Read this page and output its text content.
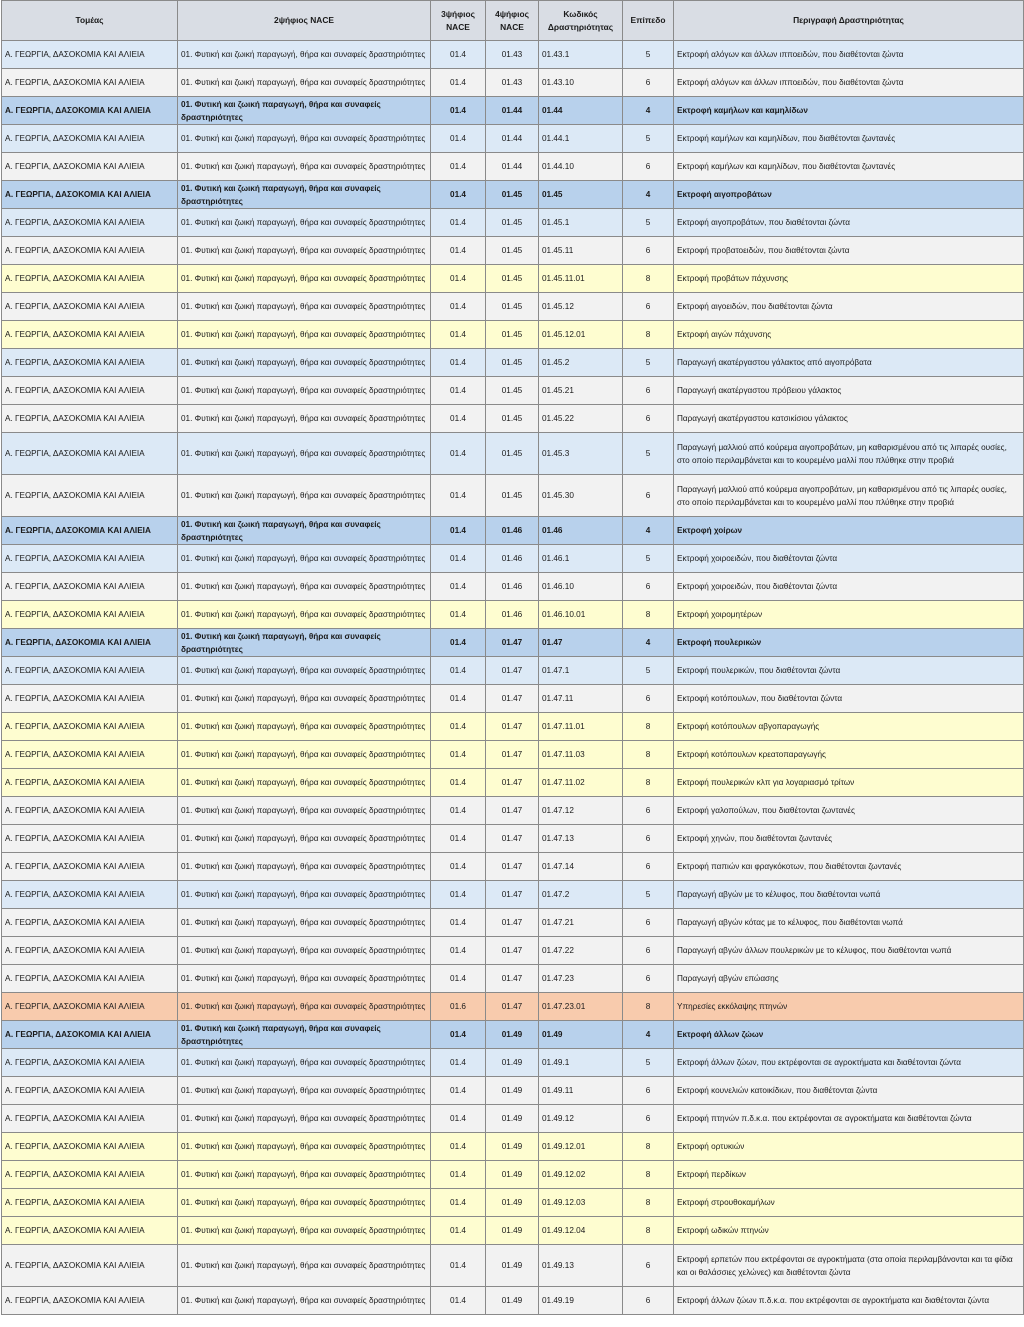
Τομέας	2ψήφιος NACE	3ψήφιος NACE	4ψήφιος NACE	Κωδικός Δραστηριότητας	Επίπεδο	Περιγραφή Δραστηριότητας
Α. ΓΕΩΡΓΙΑ, ΔΑΣΟΚΟΜΙΑ ΚΑΙ ΑΛΙΕΙΑ	01. Φυτική και ζωική παραγωγή, θήρα και συναφείς δραστηριότητες	01.4	01.43	01.43.1	5	Εκτροφή αλόγων και άλλων ιπποειδών, που διαθέτονται ζώντα
Α. ΓΕΩΡΓΙΑ, ΔΑΣΟΚΟΜΙΑ ΚΑΙ ΑΛΙΕΙΑ	01. Φυτική και ζωική παραγωγή, θήρα και συναφείς δραστηριότητες	01.4	01.43	01.43.10	6	Εκτροφή αλόγων και άλλων ιπποειδών, που διαθέτονται ζώντα
Α. ΓΕΩΡΓΙΑ, ΔΑΣΟΚΟΜΙΑ ΚΑΙ ΑΛΙΕΙΑ	01. Φυτική και ζωική παραγωγή, θήρα και συναφείς δραστηριότητες	01.4	01.44	01.44	4	Εκτροφή καμήλων και καμηλίδων
Α. ΓΕΩΡΓΙΑ, ΔΑΣΟΚΟΜΙΑ ΚΑΙ ΑΛΙΕΙΑ	01. Φυτική και ζωική παραγωγή, θήρα και συναφείς δραστηριότητες	01.4	01.44	01.44.1	5	Εκτροφή καμήλων και καμηλίδων, που διαθέτονται ζωντανές
Α. ΓΕΩΡΓΙΑ, ΔΑΣΟΚΟΜΙΑ ΚΑΙ ΑΛΙΕΙΑ	01. Φυτική και ζωική παραγωγή, θήρα και συναφείς δραστηριότητες	01.4	01.44	01.44.10	6	Εκτροφή καμήλων και καμηλίδων, που διαθέτονται ζωντανές
Α. ΓΕΩΡΓΙΑ, ΔΑΣΟΚΟΜΙΑ ΚΑΙ ΑΛΙΕΙΑ	01. Φυτική και ζωική παραγωγή, θήρα και συναφείς δραστηριότητες	01.4	01.45	01.45	4	Εκτροφή αιγοπροβάτων
Α. ΓΕΩΡΓΙΑ, ΔΑΣΟΚΟΜΙΑ ΚΑΙ ΑΛΙΕΙΑ	01. Φυτική και ζωική παραγωγή, θήρα και συναφείς δραστηριότητες	01.4	01.45	01.45.1	5	Εκτροφή αιγοπροβάτων, που διαθέτονται ζώντα
Α. ΓΕΩΡΓΙΑ, ΔΑΣΟΚΟΜΙΑ ΚΑΙ ΑΛΙΕΙΑ	01. Φυτική και ζωική παραγωγή, θήρα και συναφείς δραστηριότητες	01.4	01.45	01.45.11	6	Εκτροφή προβατοειδών, που διαθέτονται ζώντα
Α. ΓΕΩΡΓΙΑ, ΔΑΣΟΚΟΜΙΑ ΚΑΙ ΑΛΙΕΙΑ	01. Φυτική και ζωική παραγωγή, θήρα και συναφείς δραστηριότητες	01.4	01.45	01.45.11.01	8	Εκτροφή προβάτων πάχυνσης
Α. ΓΕΩΡΓΙΑ, ΔΑΣΟΚΟΜΙΑ ΚΑΙ ΑΛΙΕΙΑ	01. Φυτική και ζωική παραγωγή, θήρα και συναφείς δραστηριότητες	01.4	01.45	01.45.12	6	Εκτροφή αιγοειδών, που διαθέτονται ζώντα
Α. ΓΕΩΡΓΙΑ, ΔΑΣΟΚΟΜΙΑ ΚΑΙ ΑΛΙΕΙΑ	01. Φυτική και ζωική παραγωγή, θήρα και συναφείς δραστηριότητες	01.4	01.45	01.45.12.01	8	Εκτροφή αιγών πάχυνσης
Α. ΓΕΩΡΓΙΑ, ΔΑΣΟΚΟΜΙΑ ΚΑΙ ΑΛΙΕΙΑ	01. Φυτική και ζωική παραγωγή, θήρα και συναφείς δραστηριότητες	01.4	01.45	01.45.2	5	Παραγωγή ακατέργαστου γάλακτος από αιγοπρόβατα
Α. ΓΕΩΡΓΙΑ, ΔΑΣΟΚΟΜΙΑ ΚΑΙ ΑΛΙΕΙΑ	01. Φυτική και ζωική παραγωγή, θήρα και συναφείς δραστηριότητες	01.4	01.45	01.45.21	6	Παραγωγή ακατέργαστου πρόβειου γάλακτος
Α. ΓΕΩΡΓΙΑ, ΔΑΣΟΚΟΜΙΑ ΚΑΙ ΑΛΙΕΙΑ	01. Φυτική και ζωική παραγωγή, θήρα και συναφείς δραστηριότητες	01.4	01.45	01.45.22	6	Παραγωγή ακατέργαστου κατσικίσιου γάλακτος
Α. ΓΕΩΡΓΙΑ, ΔΑΣΟΚΟΜΙΑ ΚΑΙ ΑΛΙΕΙΑ	01. Φυτική και ζωική παραγωγή, θήρα και συναφείς δραστηριότητες	01.4	01.45	01.45.3	5	Παραγωγή μαλλιού από κούρεμα αιγοπροβάτων, μη καθαρισμένου από τις λιπαρές ουσίες, στο οποίο περιλαμβάνεται και το κουρεμένο μαλλί που πλύθηκε στην προβιά
Α. ΓΕΩΡΓΙΑ, ΔΑΣΟΚΟΜΙΑ ΚΑΙ ΑΛΙΕΙΑ	01. Φυτική και ζωική παραγωγή, θήρα και συναφείς δραστηριότητες	01.4	01.45	01.45.30	6	Παραγωγή μαλλιού από κούρεμα αιγοπροβάτων, μη καθαρισμένου από τις λιπαρές ουσίες, στο οποίο περιλαμβάνεται και το κουρεμένο μαλλί που πλύθηκε στην προβιά
Α. ΓΕΩΡΓΙΑ, ΔΑΣΟΚΟΜΙΑ ΚΑΙ ΑΛΙΕΙΑ	01. Φυτική και ζωική παραγωγή, θήρα και συναφείς δραστηριότητες	01.4	01.46	01.46	4	Εκτροφή χοίρων
Α. ΓΕΩΡΓΙΑ, ΔΑΣΟΚΟΜΙΑ ΚΑΙ ΑΛΙΕΙΑ	01. Φυτική και ζωική παραγωγή, θήρα και συναφείς δραστηριότητες	01.4	01.46	01.46.1	5	Εκτροφή χοιροειδών, που διαθέτονται ζώντα
Α. ΓΕΩΡΓΙΑ, ΔΑΣΟΚΟΜΙΑ ΚΑΙ ΑΛΙΕΙΑ	01. Φυτική και ζωική παραγωγή, θήρα και συναφείς δραστηριότητες	01.4	01.46	01.46.10	6	Εκτροφή χοιροειδών, που διαθέτονται ζώντα
Α. ΓΕΩΡΓΙΑ, ΔΑΣΟΚΟΜΙΑ ΚΑΙ ΑΛΙΕΙΑ	01. Φυτική και ζωική παραγωγή, θήρα και συναφείς δραστηριότητες	01.4	01.46	01.46.10.01	8	Εκτροφή χοιρομητέρων
Α. ΓΕΩΡΓΙΑ, ΔΑΣΟΚΟΜΙΑ ΚΑΙ ΑΛΙΕΙΑ	01. Φυτική και ζωική παραγωγή, θήρα και συναφείς δραστηριότητες	01.4	01.47	01.47	4	Εκτροφή πουλερικών
Α. ΓΕΩΡΓΙΑ, ΔΑΣΟΚΟΜΙΑ ΚΑΙ ΑΛΙΕΙΑ	01. Φυτική και ζωική παραγωγή, θήρα και συναφείς δραστηριότητες	01.4	01.47	01.47.1	5	Εκτροφή πουλερικών, που διαθέτονται ζώντα
Α. ΓΕΩΡΓΙΑ, ΔΑΣΟΚΟΜΙΑ ΚΑΙ ΑΛΙΕΙΑ	01. Φυτική και ζωική παραγωγή, θήρα και συναφείς δραστηριότητες	01.4	01.47	01.47.11	6	Εκτροφή κοτόπουλων, που διαθέτονται ζώντα
Α. ΓΕΩΡΓΙΑ, ΔΑΣΟΚΟΜΙΑ ΚΑΙ ΑΛΙΕΙΑ	01. Φυτική και ζωική παραγωγή, θήρα και συναφείς δραστηριότητες	01.4	01.47	01.47.11.01	8	Εκτροφή κοτόπουλων αβγοπαραγωγής
Α. ΓΕΩΡΓΙΑ, ΔΑΣΟΚΟΜΙΑ ΚΑΙ ΑΛΙΕΙΑ	01. Φυτική και ζωική παραγωγή, θήρα και συναφείς δραστηριότητες	01.4	01.47	01.47.11.03	8	Εκτροφή κοτόπουλων κρεατοπαραγωγής
Α. ΓΕΩΡΓΙΑ, ΔΑΣΟΚΟΜΙΑ ΚΑΙ ΑΛΙΕΙΑ	01. Φυτική και ζωική παραγωγή, θήρα και συναφείς δραστηριότητες	01.4	01.47	01.47.11.02	8	Εκτροφή πουλερικών κλπ για λογαριασμό τρίτων
Α. ΓΕΩΡΓΙΑ, ΔΑΣΟΚΟΜΙΑ ΚΑΙ ΑΛΙΕΙΑ	01. Φυτική και ζωική παραγωγή, θήρα και συναφείς δραστηριότητες	01.4	01.47	01.47.12	6	Εκτροφή γαλοπούλων, που διαθέτονται ζωντανές
Α. ΓΕΩΡΓΙΑ, ΔΑΣΟΚΟΜΙΑ ΚΑΙ ΑΛΙΕΙΑ	01. Φυτική και ζωική παραγωγή, θήρα και συναφείς δραστηριότητες	01.4	01.47	01.47.13	6	Εκτροφή χηνών, που διαθέτονται ζωντανές
Α. ΓΕΩΡΓΙΑ, ΔΑΣΟΚΟΜΙΑ ΚΑΙ ΑΛΙΕΙΑ	01. Φυτική και ζωική παραγωγή, θήρα και συναφείς δραστηριότητες	01.4	01.47	01.47.14	6	Εκτροφή παπιών και φραγκόκοτων, που διαθέτονται ζωντανές
Α. ΓΕΩΡΓΙΑ, ΔΑΣΟΚΟΜΙΑ ΚΑΙ ΑΛΙΕΙΑ	01. Φυτική και ζωική παραγωγή, θήρα και συναφείς δραστηριότητες	01.4	01.47	01.47.2	5	Παραγωγή αβγών με το κέλυφος, που διαθέτονται νωπά
Α. ΓΕΩΡΓΙΑ, ΔΑΣΟΚΟΜΙΑ ΚΑΙ ΑΛΙΕΙΑ	01. Φυτική και ζωική παραγωγή, θήρα και συναφείς δραστηριότητες	01.4	01.47	01.47.21	6	Παραγωγή αβγών κότας με το κέλυφος, που διαθέτονται νωπά
Α. ΓΕΩΡΓΙΑ, ΔΑΣΟΚΟΜΙΑ ΚΑΙ ΑΛΙΕΙΑ	01. Φυτική και ζωική παραγωγή, θήρα και συναφείς δραστηριότητες	01.4	01.47	01.47.22	6	Παραγωγή αβγών άλλων πουλερικών με το κέλυφος, που διαθέτονται νωπά
Α. ΓΕΩΡΓΙΑ, ΔΑΣΟΚΟΜΙΑ ΚΑΙ ΑΛΙΕΙΑ	01. Φυτική και ζωική παραγωγή, θήρα και συναφείς δραστηριότητες	01.4	01.47	01.47.23	6	Παραγωγή αβγών επώασης
Α. ΓΕΩΡΓΙΑ, ΔΑΣΟΚΟΜΙΑ ΚΑΙ ΑΛΙΕΙΑ	01. Φυτική και ζωική παραγωγή, θήρα και συναφείς δραστηριότητες	01.6	01.47	01.47.23.01	8	Υπηρεσίες εκκόλαψης πτηνών
Α. ΓΕΩΡΓΙΑ, ΔΑΣΟΚΟΜΙΑ ΚΑΙ ΑΛΙΕΙΑ	01. Φυτική και ζωική παραγωγή, θήρα και συναφείς δραστηριότητες	01.4	01.49	01.49	4	Εκτροφή άλλων ζώων
Α. ΓΕΩΡΓΙΑ, ΔΑΣΟΚΟΜΙΑ ΚΑΙ ΑΛΙΕΙΑ	01. Φυτική και ζωική παραγωγή, θήρα και συναφείς δραστηριότητες	01.4	01.49	01.49.1	5	Εκτροφή άλλων ζώων, που εκτρέφονται σε αγροκτήματα και διαθέτονται ζώντα
Α. ΓΕΩΡΓΙΑ, ΔΑΣΟΚΟΜΙΑ ΚΑΙ ΑΛΙΕΙΑ	01. Φυτική και ζωική παραγωγή, θήρα και συναφείς δραστηριότητες	01.4	01.49	01.49.11	6	Εκτροφή κουνελιών κατοικίδιων, που διαθέτονται ζώντα
Α. ΓΕΩΡΓΙΑ, ΔΑΣΟΚΟΜΙΑ ΚΑΙ ΑΛΙΕΙΑ	01. Φυτική και ζωική παραγωγή, θήρα και συναφείς δραστηριότητες	01.4	01.49	01.49.12	6	Εκτροφή πτηνών π.δ.κ.α. που εκτρέφονται σε αγροκτήματα και διαθέτονται ζώντα
Α. ΓΕΩΡΓΙΑ, ΔΑΣΟΚΟΜΙΑ ΚΑΙ ΑΛΙΕΙΑ	01. Φυτική και ζωική παραγωγή, θήρα και συναφείς δραστηριότητες	01.4	01.49	01.49.12.01	8	Εκτροφή ορτυκιών
Α. ΓΕΩΡΓΙΑ, ΔΑΣΟΚΟΜΙΑ ΚΑΙ ΑΛΙΕΙΑ	01. Φυτική και ζωική παραγωγή, θήρα και συναφείς δραστηριότητες	01.4	01.49	01.49.12.02	8	Εκτροφή περδίκων
Α. ΓΕΩΡΓΙΑ, ΔΑΣΟΚΟΜΙΑ ΚΑΙ ΑΛΙΕΙΑ	01. Φυτική και ζωική παραγωγή, θήρα και συναφείς δραστηριότητες	01.4	01.49	01.49.12.03	8	Εκτροφή στρουθοκαμήλων
Α. ΓΕΩΡΓΙΑ, ΔΑΣΟΚΟΜΙΑ ΚΑΙ ΑΛΙΕΙΑ	01. Φυτική και ζωική παραγωγή, θήρα και συναφείς δραστηριότητες	01.4	01.49	01.49.12.04	8	Εκτροφή ωδικών πτηνών
Α. ΓΕΩΡΓΙΑ, ΔΑΣΟΚΟΜΙΑ ΚΑΙ ΑΛΙΕΙΑ	01. Φυτική και ζωική παραγωγή, θήρα και συναφείς δραστηριότητες	01.4	01.49	01.49.13	6	Εκτροφή ερπετών που εκτρέφονται σε αγροκτήματα (στα οποία περιλαμβάνονται και τα φίδια και οι θαλάσσιες χελώνες) και διαθέτονται ζώντα
Α. ΓΕΩΡΓΙΑ, ΔΑΣΟΚΟΜΙΑ ΚΑΙ ΑΛΙΕΙΑ	01. Φυτική και ζωική παραγωγή, θήρα και συναφείς δραστηριότητες	01.4	01.49	01.49.19	6	Εκτροφή άλλων ζώων π.δ.κ.α. που εκτρέφονται σε αγροκτήματα και διαθέτονται ζώντα
